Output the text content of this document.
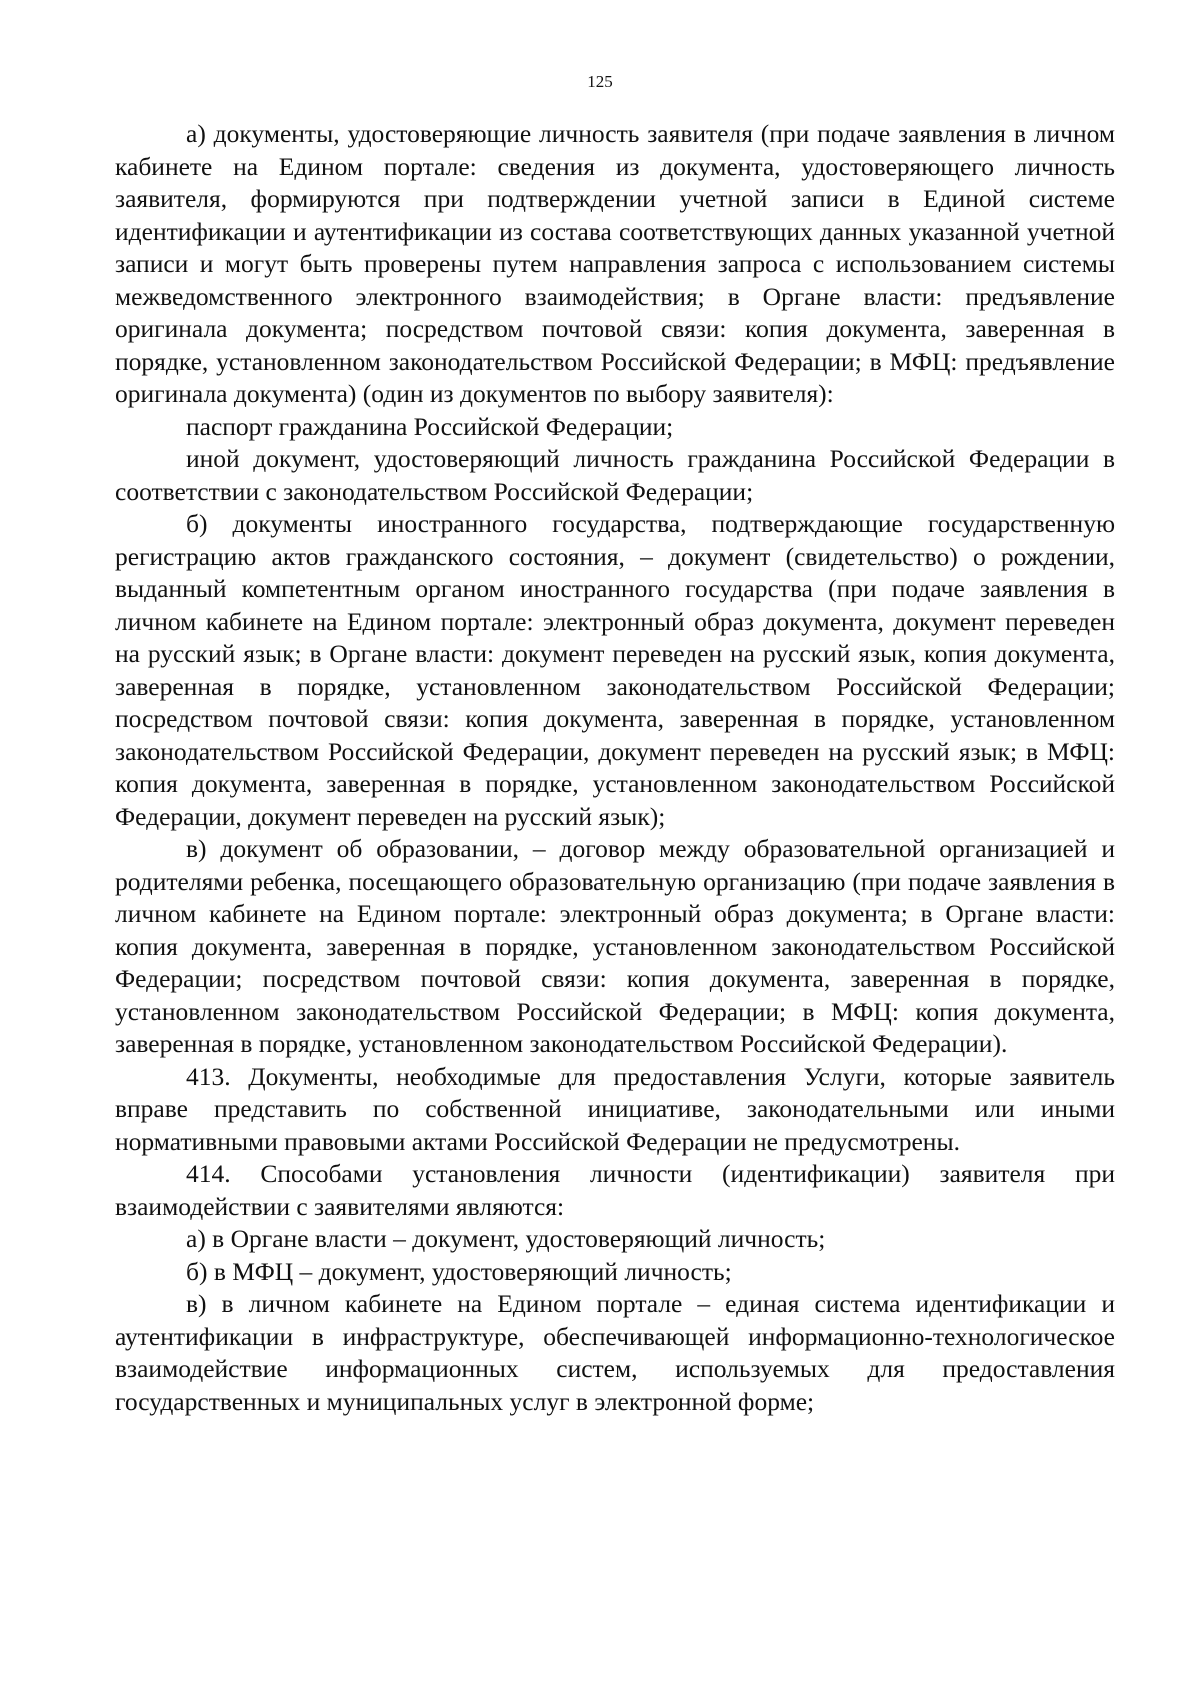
125

а) документы, удостоверяющие личность заявителя (при подаче заявления в личном кабинете на Едином портале: сведения из документа, удостоверяющего личность заявителя, формируются при подтверждении учетной записи в Единой системе идентификации и аутентификации из состава соответствующих данных указанной учетной записи и могут быть проверены путем направления запроса с использованием системы межведомственного электронного взаимодействия; в Органе власти: предъявление оригинала документа; посредством почтовой связи: копия документа, заверенная в порядке, установленном законодательством Российской Федерации; в МФЦ: предъявление оригинала документа) (один из документов по выбору заявителя):

паспорт гражданина Российской Федерации;

иной документ, удостоверяющий личность гражданина Российской Федерации в соответствии с законодательством Российской Федерации;

б) документы иностранного государства, подтверждающие государственную регистрацию актов гражданского состояния, – документ (свидетельство) о рождении, выданный компетентным органом иностранного государства (при подаче заявления в личном кабинете на Едином портале: электронный образ документа, документ переведен на русский язык; в Органе власти: документ переведен на русский язык, копия документа, заверенная в порядке, установленном законодательством Российской Федерации; посредством почтовой связи: копия документа, заверенная в порядке, установленном законодательством Российской Федерации, документ переведен на русский язык; в МФЦ: копия документа, заверенная в порядке, установленном законодательством Российской Федерации, документ переведен на русский язык);

в) документ об образовании, – договор между образовательной организацией и родителями ребенка, посещающего образовательную организацию (при подаче заявления в личном кабинете на Едином портале: электронный образ документа; в Органе власти: копия документа, заверенная в порядке, установленном законодательством Российской Федерации; посредством почтовой связи: копия документа, заверенная в порядке, установленном законодательством Российской Федерации; в МФЦ: копия документа, заверенная в порядке, установленном законодательством Российской Федерации).

413. Документы, необходимые для предоставления Услуги, которые заявитель вправе представить по собственной инициативе, законодательными или иными нормативными правовыми актами Российской Федерации не предусмотрены.

414. Способами установления личности (идентификации) заявителя при взаимодействии с заявителями являются:

а) в Органе власти – документ, удостоверяющий личность;

б) в МФЦ – документ, удостоверяющий личность;

в) в личном кабинете на Едином портале – единая система идентификации и аутентификации в инфраструктуре, обеспечивающей информационно-технологическое взаимодействие информационных систем, используемых для предоставления государственных и муниципальных услуг в электронной форме;
